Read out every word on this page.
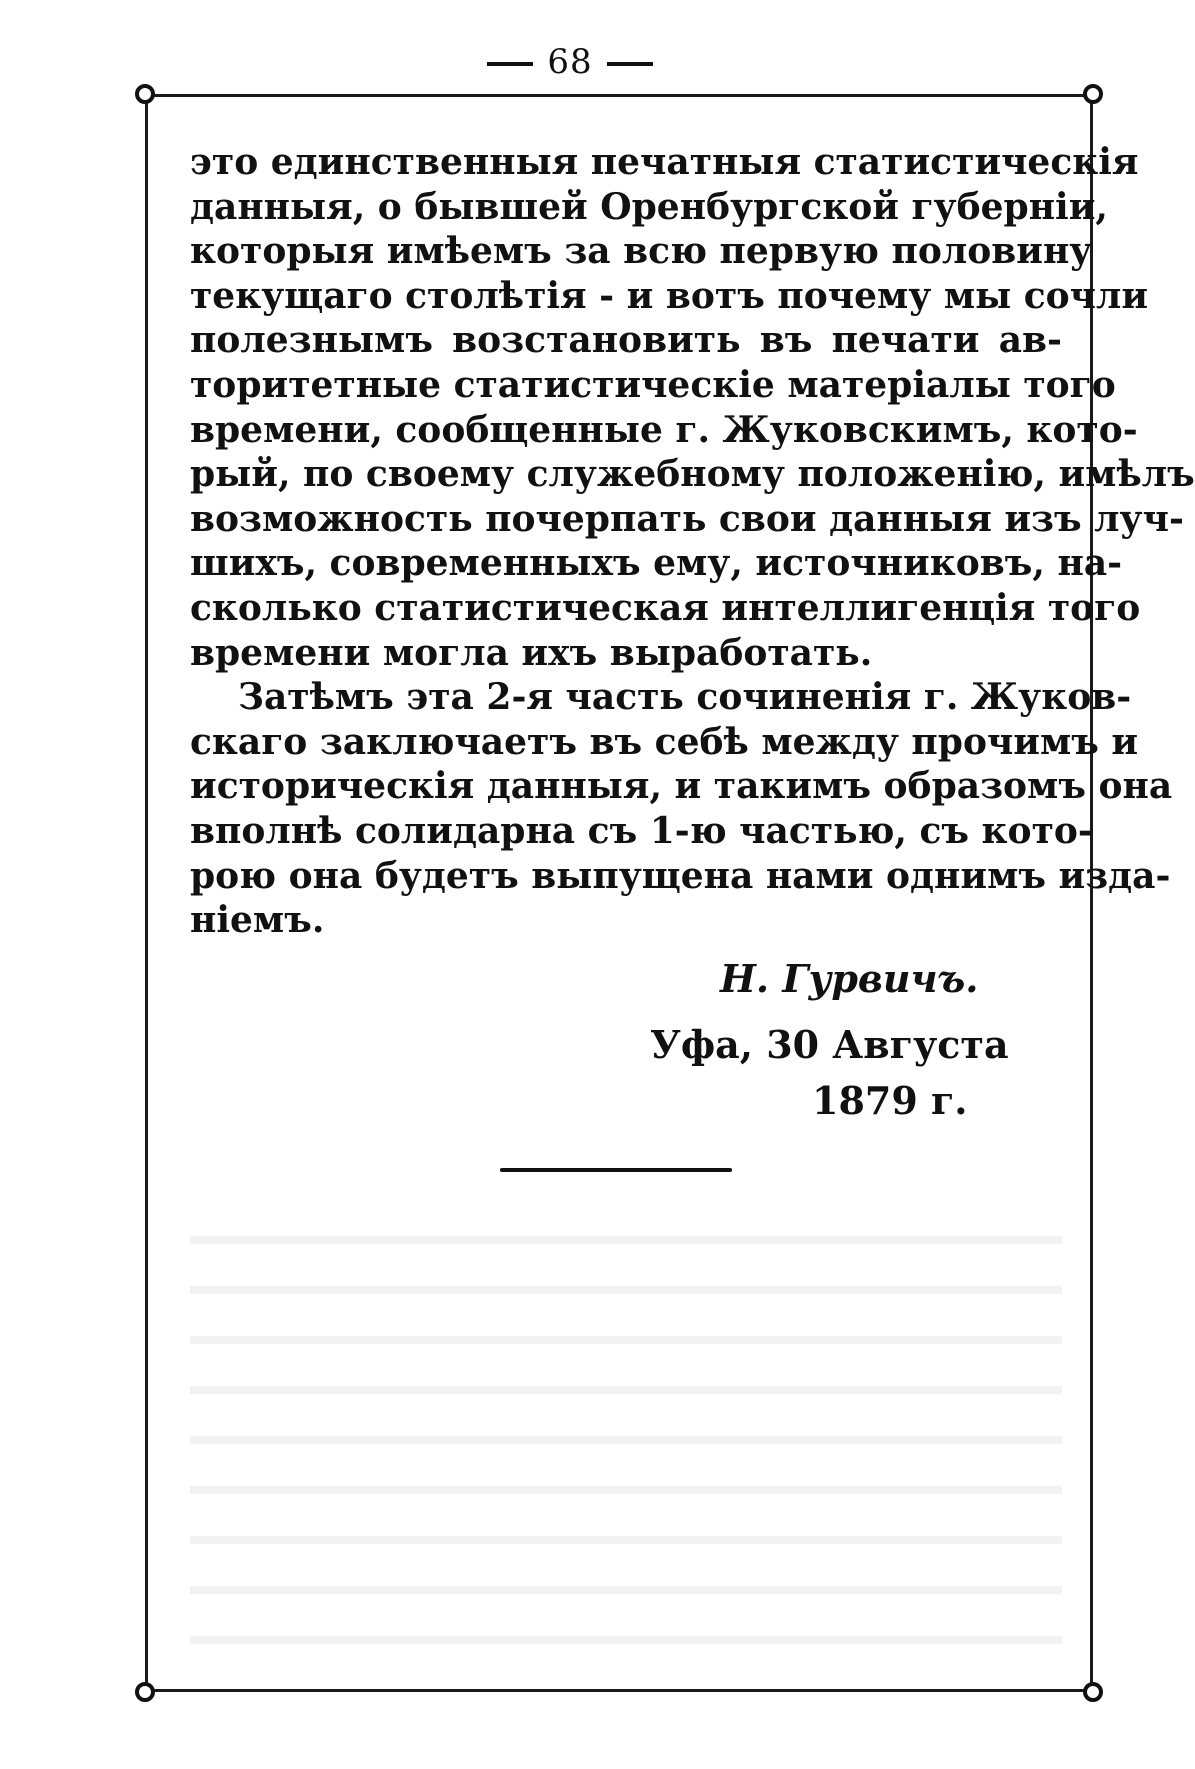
68
это единственныя печатныя статистическія
данныя, о бывшей Оренбургской губерніи,
которыя имѣемъ за всю первую половину
текущаго столѣтія - и вотъ почему мы сочли
полезнымъ возстановить въ печати ав-
торитетные статистическіе матеріалы того
времени, сообщенные г. Жуковскимъ, кото-
рый, по своему служебному положенію, имѣлъ
возможность почерпать свои данныя изъ луч-
шихъ, современныхъ ему, источниковъ, на-
сколько статистическая интеллигенція того
времени могла ихъ выработать.
Затѣмъ эта 2-я часть сочиненія г. Жуков-
скаго заключаетъ въ себѣ между прочимъ и
историческія данныя, и такимъ образомъ она
вполнѣ солидарна съ 1-ю частью, съ кото-
рою она будетъ выпущена нами однимъ изда-
ніемъ.
Н. Гурвичъ.
Уфа, 30 Августа
1879 г.
